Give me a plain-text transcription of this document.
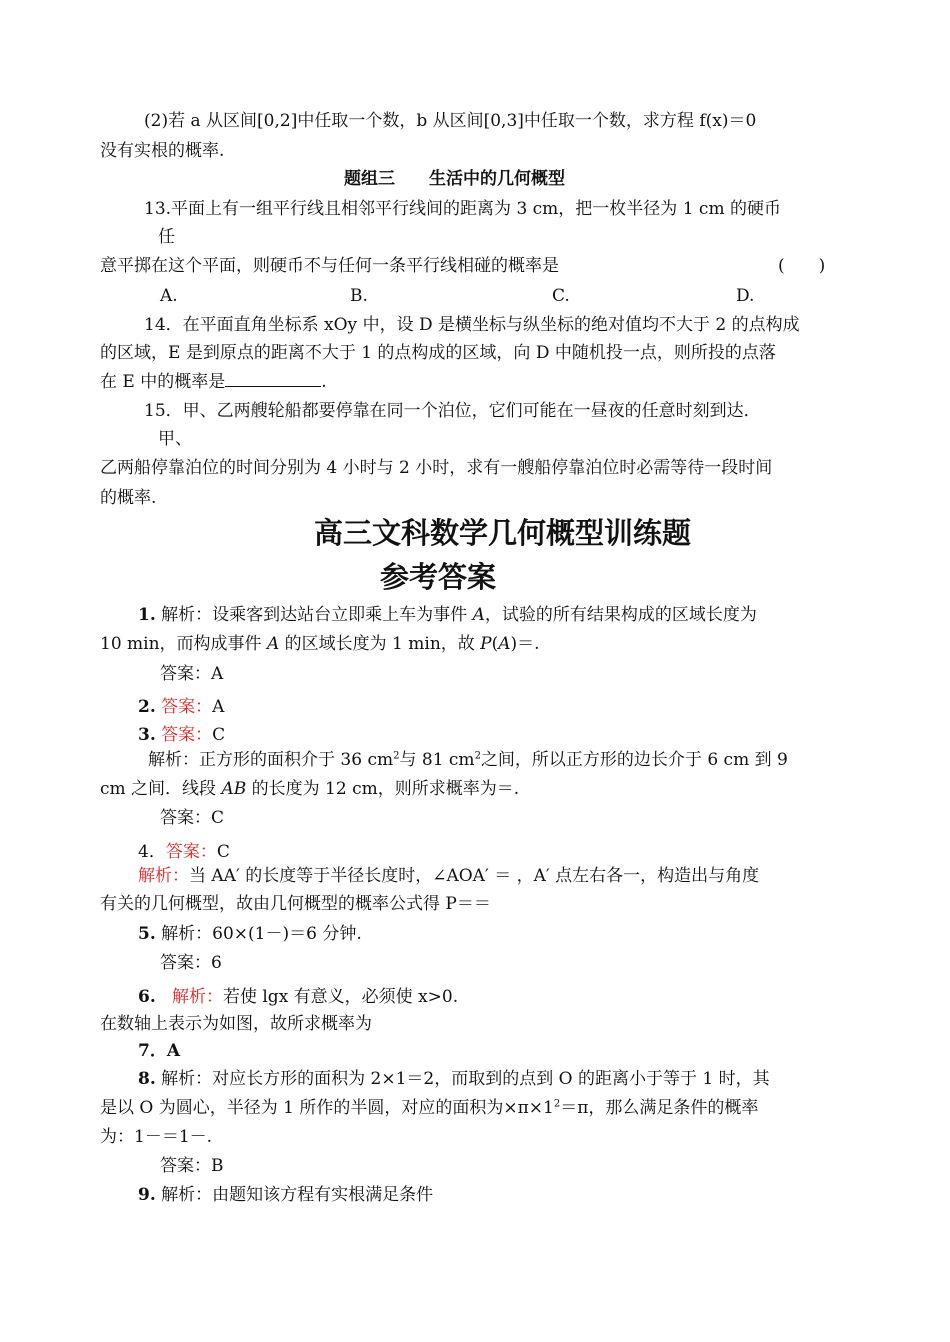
(2)若 a 从区间[0,2]中任取一个数，b 从区间[0,3]中任取一个数，求方程 f(x)＝0
没有实根的概率.
题组三　　生活中的几何概型
13.平面上有一组平行线且相邻平行线间的距离为 3 cm，把一枚半径为 1 cm 的硬币
任
意平掷在这个平面，则硬币不与任何一条平行线相碰的概率是	(　　)
A.	B.	C.	D.
14．在平面直角坐标系 xOy 中，设 D 是横坐标与纵坐标的绝对值均不大于 2 的点构成
的区域，E 是到原点的距离不大于 1 的点构成的区域，向 D 中随机投一点，则所投的点落
在 E 中的概率是	.
15．甲、乙两艘轮船都要停靠在同一个泊位，它们可能在一昼夜的任意时刻到达．
甲、
乙两船停靠泊位的时间分别为 4 小时与 2 小时，求有一艘船停靠泊位时必需等待一段时间
的概率.
高三文科数学几何概型训练题
参考答案
1. 解析：设乘客到达站台立即乘上车为事件 A，试验的所有结果构成的区域长度为
10 min，而构成事件 A 的区域长度为 1 min，故 P(A)＝.
答案：A
2. 答案：A
3. 答案：C
解析：正方形的面积介于 36 $cm^2$与 81 $cm^2$之间，所以正方形的边长介于 6 cm 到 9
cm 之间．线段 AB 的长度为 12 cm，则所求概率为＝.
答案：C
4．答案：C
解析：当 AA′ 的长度等于半径长度时，∠AOA′ ＝ ，A′ 点左右各一，构造出与角度
有关的几何概型，故由几何概型的概率公式得 P＝＝
5. 解析：60×(1－)＝6 分钟.
答案：6
6. 解析：若使 lgx 有意义，必须使 x>0.
在数轴上表示为如图，故所求概率为
7．A
8. 解析：对应长方形的面积为 2×1＝2，而取到的点到 O 的距离小于等于 1 时，其
是以 O 为圆心，半径为 1 所作的半圆，对应的面积为$\times\pi\times 1^2=\pi$，那么满足条件的概率
为：1－＝1－.
答案：B
9. 解析：由题知该方程有实根满足条件
